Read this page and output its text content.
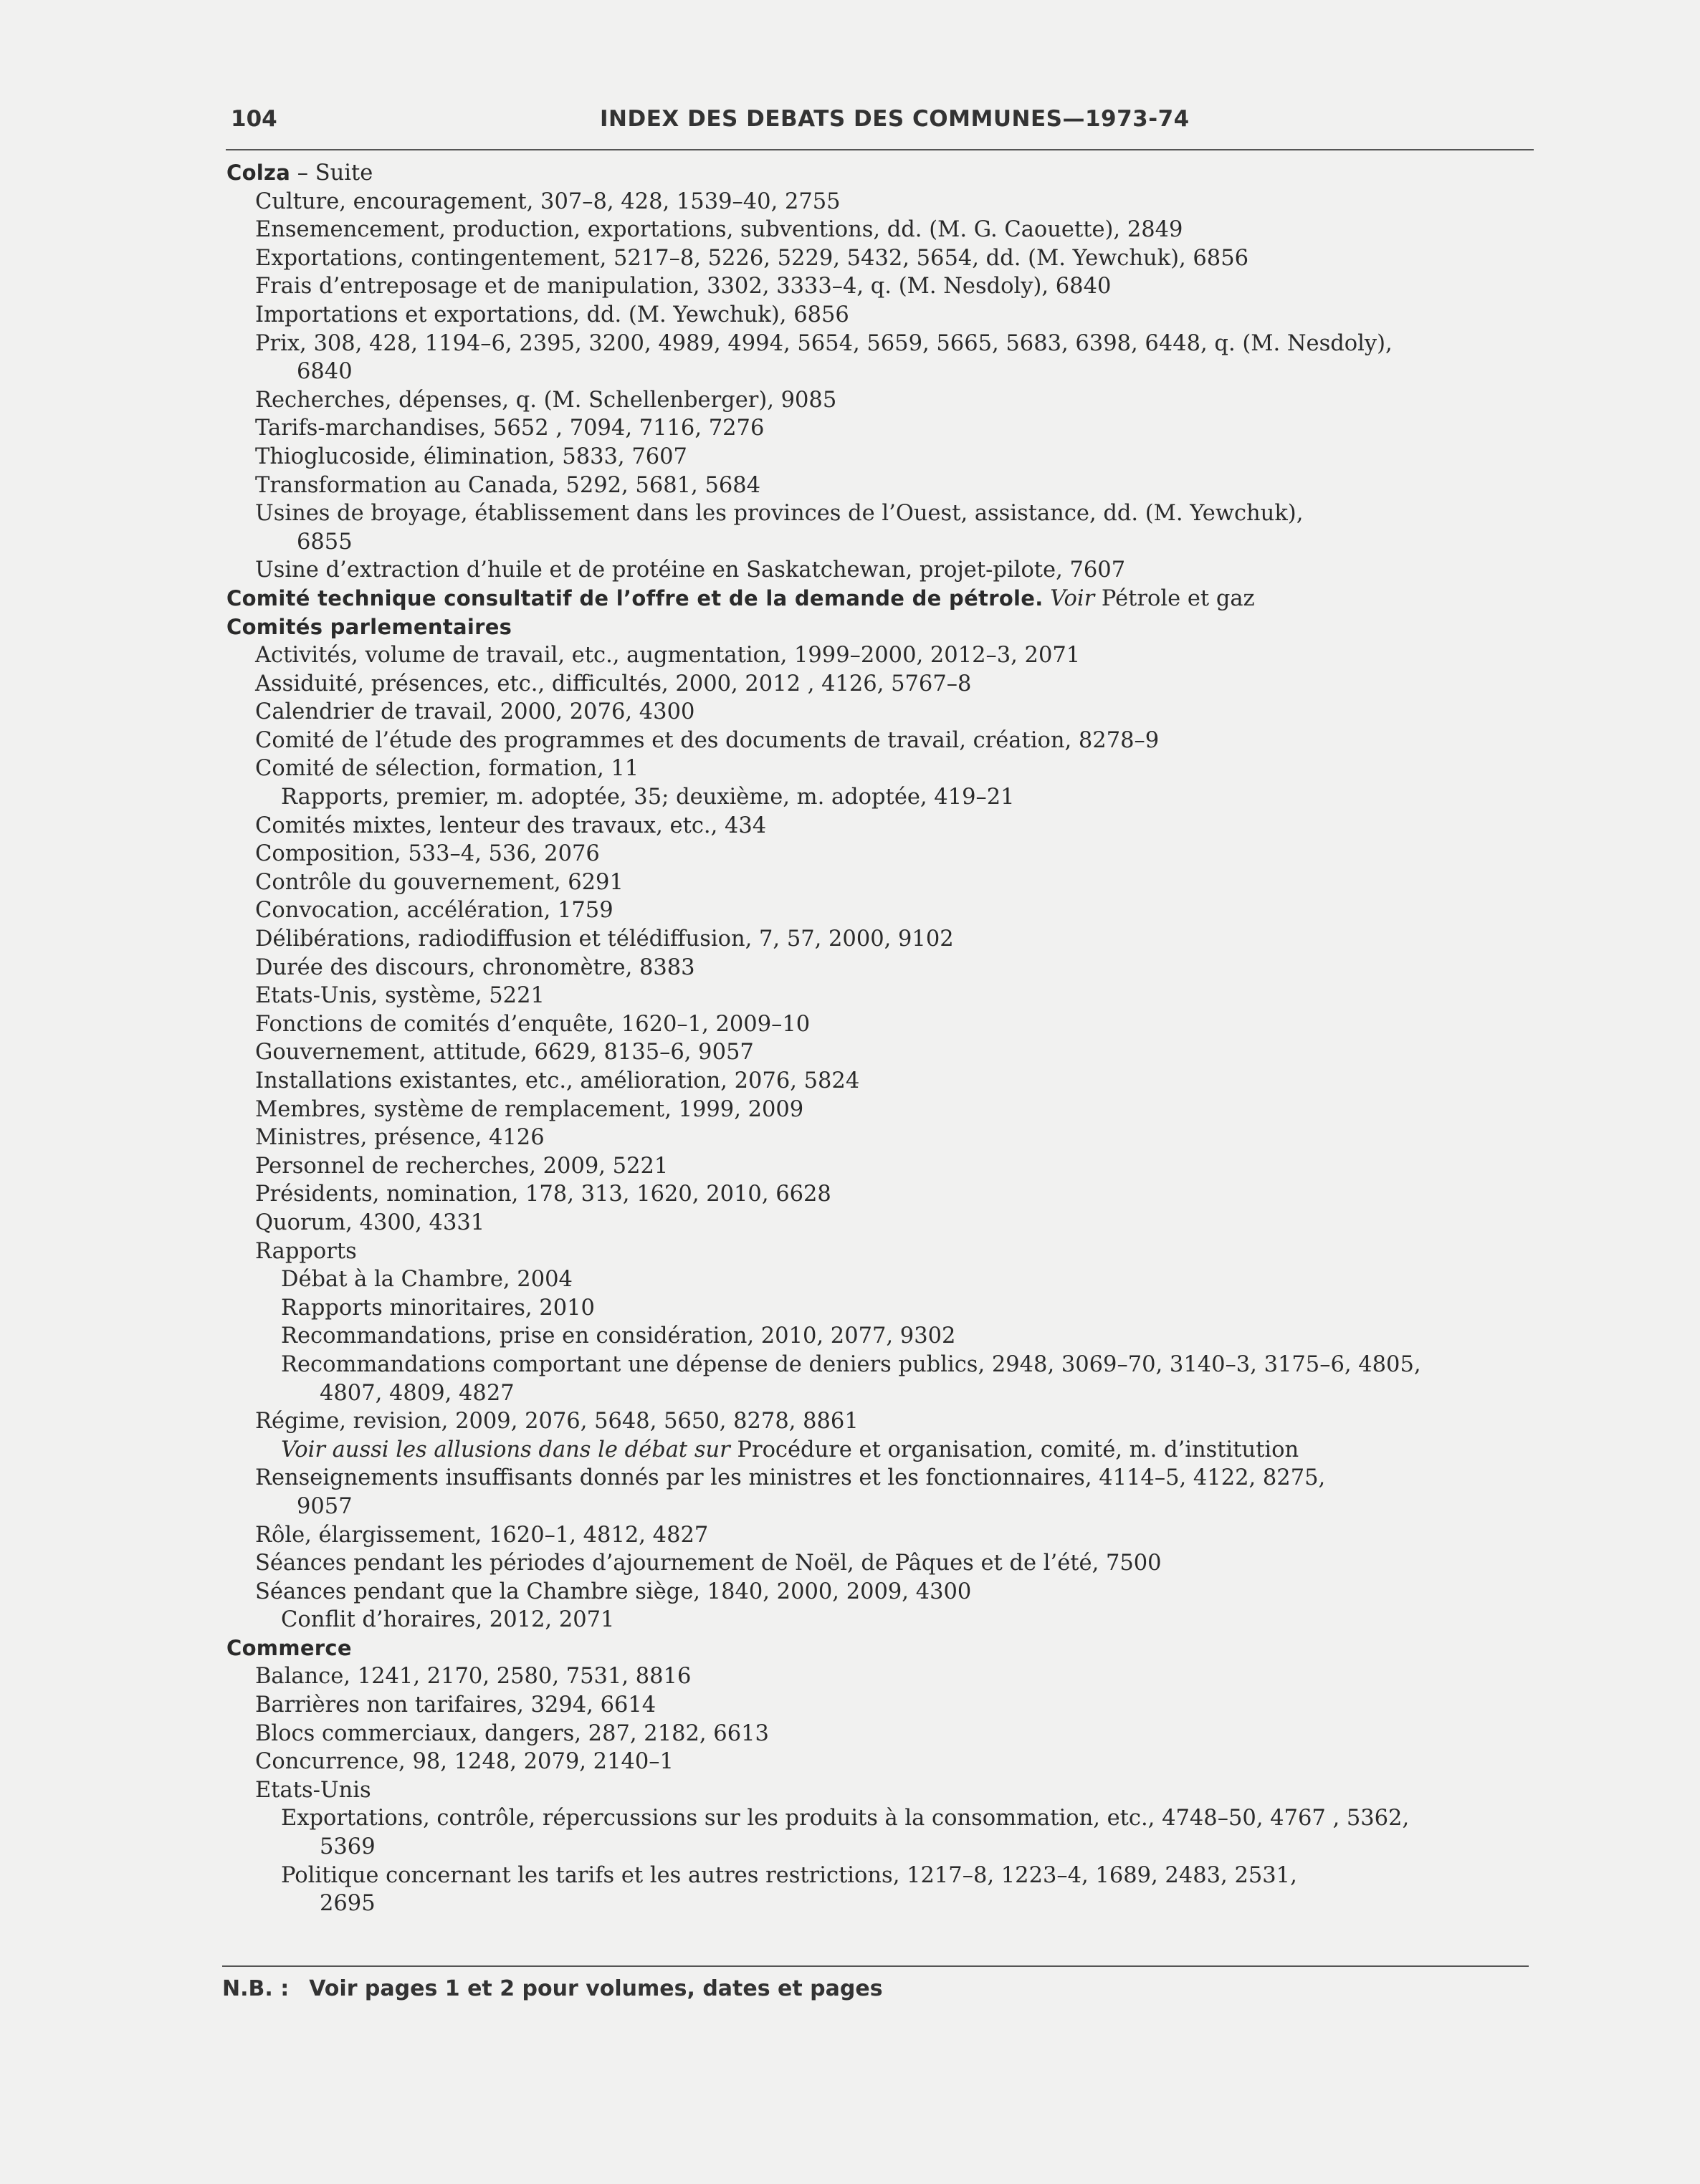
104	INDEX DES DEBATS DES COMMUNES—1973-74
Colza – Suite
Culture, encouragement, 307–8, 428, 1539–40, 2755
Ensemencement, production, exportations, subventions, dd. (M. G. Caouette), 2849
Exportations, contingentement, 5217–8, 5226, 5229, 5432, 5654, dd. (M. Yewchuk), 6856
Frais d’entreposage et de manipulation, 3302, 3333–4, q. (M. Nesdoly), 6840
Importations et exportations, dd. (M. Yewchuk), 6856
Prix, 308, 428, 1194–6, 2395, 3200, 4989, 4994, 5654, 5659, 5665, 5683, 6398, 6448, q. (M. Nesdoly),
6840
Recherches, dépenses, q. (M. Schellenberger), 9085
Tarifs-marchandises, 5652 , 7094, 7116, 7276
Thioglucoside, élimination, 5833, 7607
Transformation au Canada, 5292, 5681, 5684
Usines de broyage, établissement dans les provinces de l’Ouest, assistance, dd. (M. Yewchuk),
6855
Usine d’extraction d’huile et de protéine en Saskatchewan, projet-pilote, 7607
Comité technique consultatif de l’offre et de la demande de pétrole. Voir Pétrole et gaz
Comités parlementaires
Activités, volume de travail, etc., augmentation, 1999–2000, 2012–3, 2071
Assiduité, présences, etc., difficultés, 2000, 2012 , 4126, 5767–8
Calendrier de travail, 2000, 2076, 4300
Comité de l’étude des programmes et des documents de travail, création, 8278–9
Comité de sélection, formation, 11
Rapports, premier, m. adoptée, 35; deuxième, m. adoptée, 419–21
Comités mixtes, lenteur des travaux, etc., 434
Composition, 533–4, 536, 2076
Contrôle du gouvernement, 6291
Convocation, accélération, 1759
Délibérations, radiodiffusion et télédiffusion, 7, 57, 2000, 9102
Durée des discours, chronomètre, 8383
Etats-Unis, système, 5221
Fonctions de comités d’enquête, 1620–1, 2009–10
Gouvernement, attitude, 6629, 8135–6, 9057
Installations existantes, etc., amélioration, 2076, 5824
Membres, système de remplacement, 1999, 2009
Ministres, présence, 4126
Personnel de recherches, 2009, 5221
Présidents, nomination, 178, 313, 1620, 2010, 6628
Quorum, 4300, 4331
Rapports
Débat à la Chambre, 2004
Rapports minoritaires, 2010
Recommandations, prise en considération, 2010, 2077, 9302
Recommandations comportant une dépense de deniers publics, 2948, 3069–70, 3140–3, 3175–6, 4805,
4807, 4809, 4827
Régime, revision, 2009, 2076, 5648, 5650, 8278, 8861
Voir aussi les allusions dans le débat sur Procédure et organisation, comité, m. d’institution
Renseignements insuffisants donnés par les ministres et les fonctionnaires, 4114–5, 4122, 8275,
9057
Rôle, élargissement, 1620–1, 4812, 4827
Séances pendant les périodes d’ajournement de Noël, de Pâques et de l’été, 7500
Séances pendant que la Chambre siège, 1840, 2000, 2009, 4300
Conflit d’horaires, 2012, 2071
Commerce
Balance, 1241, 2170, 2580, 7531, 8816
Barrières non tarifaires, 3294, 6614
Blocs commerciaux, dangers, 287, 2182, 6613
Concurrence, 98, 1248, 2079, 2140–1
Etats-Unis
Exportations, contrôle, répercussions sur les produits à la consommation, etc., 4748–50, 4767 , 5362,
5369
Politique concernant les tarifs et les autres restrictions, 1217–8, 1223–4, 1689, 2483, 2531,
2695
N.B. : Voir pages 1 et 2 pour volumes, dates et pages
